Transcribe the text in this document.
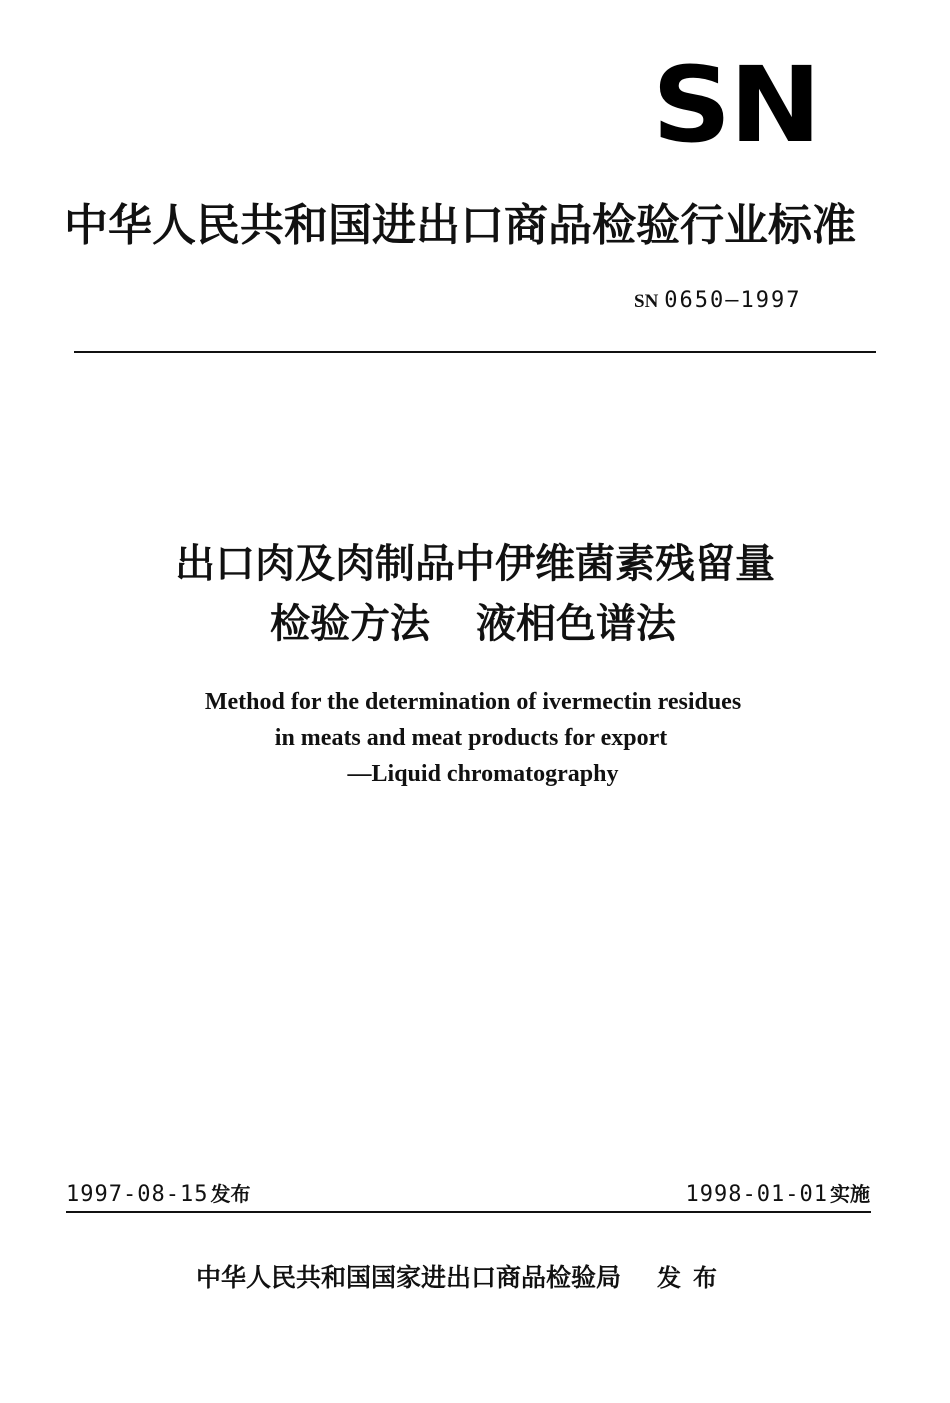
SN
中华人民共和国进出口商品检验行业标准
SN 0650—1997
出口肉及肉制品中伊维菌素残留量
检验方法 液相色谱法

Method for the determination of ivermectin residues

in meats and meat products for export

—Liquid chromatography

1997-08-15 发布	1998-01-01 实施
中华人民共和国国家进出口商品检验局 发布
